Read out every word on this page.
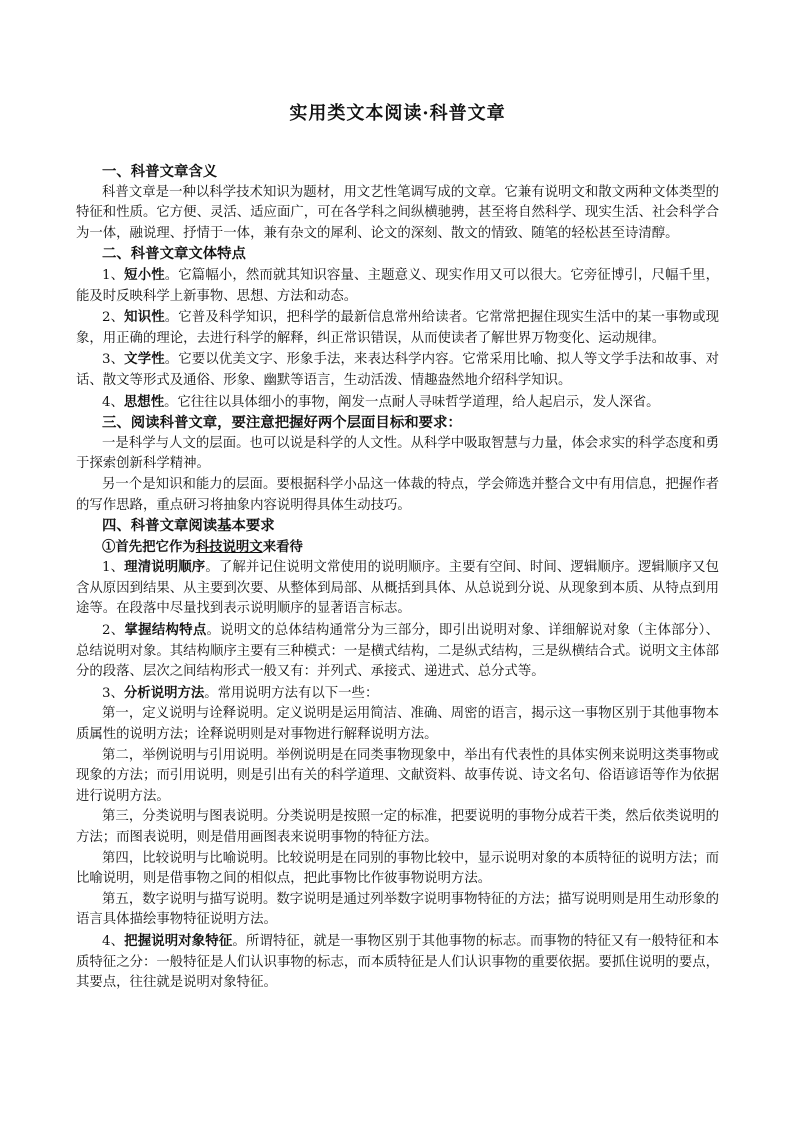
实用类文本阅读·科普文章
一、科普文章含义

科普文章是一种以科学技术知识为题材，用文艺性笔调写成的文章。它兼有说明文和散文两种文体类型的特征和性质。它方便、灵活、适应面广，可在各学科之间纵横驰骋，甚至将自然科学、现实生活、社会科学合为一体，融说理、抒情于一体，兼有杂文的犀利、论文的深刻、散文的情致、随笔的轻松甚至诗清醇。

二、科普文章文体特点

1、短小性。它篇幅小，然而就其知识容量、主题意义、现实作用又可以很大。它旁征博引，尺幅千里，能及时反映科学上新事物、思想、方法和动态。

2、知识性。它普及科学知识，把科学的最新信息常州给读者。它常常把握住现实生活中的某一事物或现象，用正确的理论，去进行科学的解释，纠正常识错误，从而使读者了解世界万物变化、运动规律。

3、文学性。它要以优美文字、形象手法，来表达科学内容。它常采用比喻、拟人等文学手法和故事、对话、散文等形式及通俗、形象、幽默等语言，生动活泼、情趣盎然地介绍科学知识。

4、思想性。它往往以具体细小的事物，阐发一点耐人寻味哲学道理，给人起启示，发人深省。

三、阅读科普文章，要注意把握好两个层面目标和要求：

一是科学与人文的层面。也可以说是科学的人文性。从科学中吸取智慧与力量，体会求实的科学态度和勇于探索创新科学精神。

另一个是知识和能力的层面。要根据科学小品这一体裁的特点，学会筛选并整合文中有用信息，把握作者的写作思路，重点研习将抽象内容说明得具体生动技巧。

四、科普文章阅读基本要求
①首先把它作为科技说明文来看待

1、理清说明顺序。了解并记住说明文常使用的说明顺序。主要有空间、时间、逻辑顺序。逻辑顺序又包含从原因到结果、从主要到次要、从整体到局部、从概括到具体、从总说到分说、从现象到本质、从特点到用途等。在段落中尽量找到表示说明顺序的显著语言标志。

2、掌握结构特点。说明文的总体结构通常分为三部分，即引出说明对象、详细解说对象（主体部分）、总结说明对象。其结构顺序主要有三种模式：一是横式结构，二是纵式结构，三是纵横结合式。说明文主体部分的段落、层次之间结构形式一般又有：并列式、承接式、递进式、总分式等。

3、分析说明方法。常用说明方法有以下一些：

第一，定义说明与诠释说明。定义说明是运用简洁、准确、周密的语言，揭示这一事物区别于其他事物本质属性的说明方法；诠释说明则是对事物进行解释说明方法。

第二，举例说明与引用说明。举例说明是在同类事物现象中，举出有代表性的具体实例来说明这类事物或现象的方法；而引用说明，则是引出有关的科学道理、文献资料、故事传说、诗文名句、俗语谚语等作为依据进行说明方法。

第三，分类说明与图表说明。分类说明是按照一定的标准，把要说明的事物分成若干类，然后依类说明的方法；而图表说明，则是借用画图表来说明事物的特征方法。

第四，比较说明与比喻说明。比较说明是在同别的事物比较中，显示说明对象的本质特征的说明方法；而比喻说明，则是借事物之间的相似点，把此事物比作彼事物说明方法。

第五，数字说明与描写说明。数字说明是通过列举数字说明事物特征的方法；描写说明则是用生动形象的语言具体描绘事物特征说明方法。

4、把握说明对象特征。所谓特征，就是一事物区别于其他事物的标志。而事物的特征又有一般特征和本质特征之分：一般特征是人们认识事物的标志，而本质特征是人们认识事物的重要依据。要抓住说明的要点，其要点，往往就是说明对象特征。
